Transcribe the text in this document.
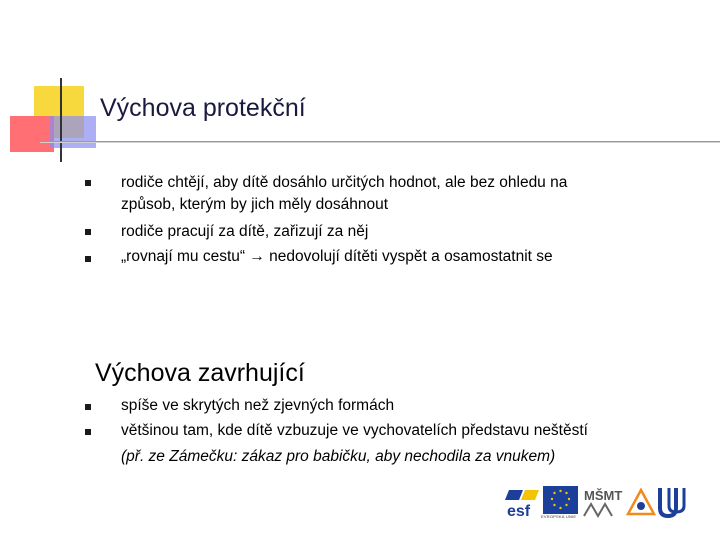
Výchova protekční
rodiče chtějí, aby dítě dosáhlo určitých hodnot, ale bez ohledu na
způsob, kterým by jich měly dosáhnout
rodiče pracují za dítě, zařizují za něj
„rovnají mu cestu“ → nedovolují dítěti vyspět a osamostatnit se
Výchova zavrhující
spíše ve skrytých než zjevných formách
většinou tam, kde dítě vzbuzuje ve vychovatelích představu neštěstí
(př. ze Zámečku: zákaz pro babičku, aby nechodila za vnukem)
esf	EVROPSKÁ UNIE
MŠMT
